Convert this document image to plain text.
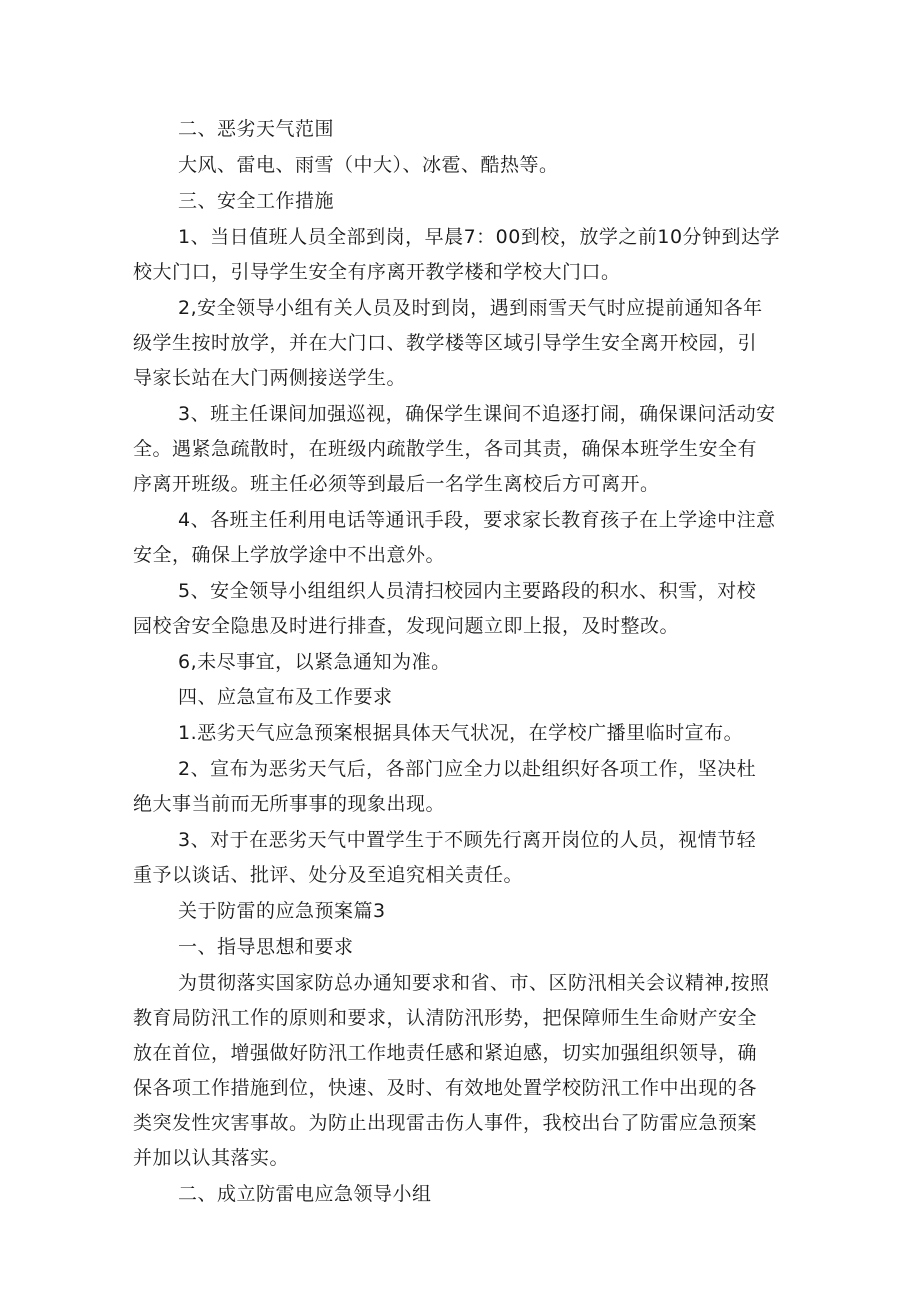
二、恶劣天气范围
大风、雷电、雨雪（中大）、冰雹、酷热等。
三、安全工作措施
1、当日值班人员全部到岗，早晨7：00到校，放学之前10分钟到达学
校大门口，引导学生安全有序离开教学楼和学校大门口。
2,安全领导小组有关人员及时到岗，遇到雨雪天气时应提前通知各年
级学生按时放学，并在大门口、教学楼等区域引导学生安全离开校园，引
导家长站在大门两侧接送学生。
3、班主任课间加强巡视，确保学生课间不追逐打闹，确保课问活动安
全。遇紧急疏散时，在班级内疏散学生，各司其责，确保本班学生安全有
序离开班级。班主任必须等到最后一名学生离校后方可离开。
4、各班主任利用电话等通讯手段，要求家长教育孩子在上学途中注意
安全，确保上学放学途中不出意外。
5、安全领导小组组织人员清扫校园内主要路段的积水、积雪，对校
园校舍安全隐患及时进行排查，发现问题立即上报，及时整改。
6,未尽事宜，以紧急通知为准。
四、应急宣布及工作要求
1.恶劣天气应急预案根据具体天气状况，在学校广播里临时宣布。
2、宣布为恶劣天气后，各部门应全力以赴组织好各项工作，坚决杜
绝大事当前而无所事事的现象出现。
3、对于在恶劣天气中置学生于不顾先行离开岗位的人员，视情节轻
重予以谈话、批评、处分及至追究相关责任。
关于防雷的应急预案篇3
一、指导思想和要求
为贯彻落实国家防总办通知要求和省、市、区防汛相关会议精神,按照
教育局防汛工作的原则和要求，认清防汛形势，把保障师生生命财产安全
放在首位，增强做好防汛工作地责任感和紧迫感，切实加强组织领导，确
保各项工作措施到位，快速、及时、有效地处置学校防汛工作中出现的各
类突发性灾害事故。为防止出现雷击伤人事件，我校出台了防雷应急预案
并加以认其落实。
二、成立防雷电应急领导小组
